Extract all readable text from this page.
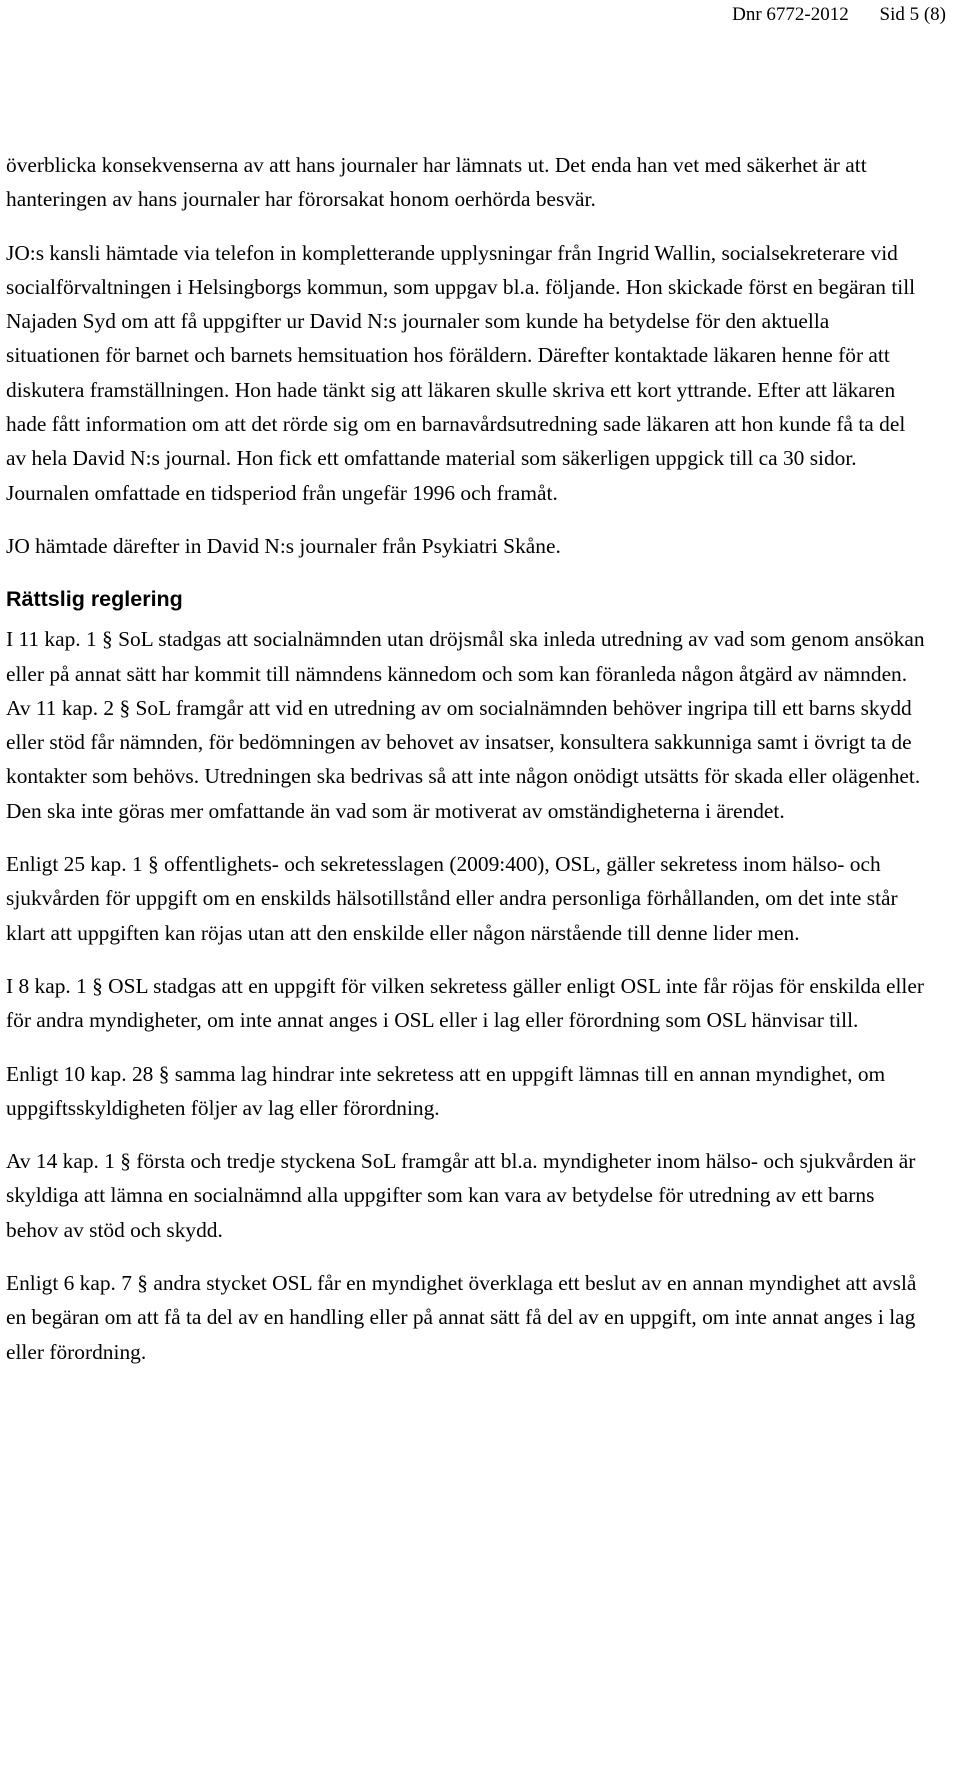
Dnr 6772-2012 Sid 5 (8)

överblicka konsekvenserna av att hans journaler har lämnats ut. Det enda han vet med säkerhet är att hanteringen av hans journaler har förorsakat honom oerhörda besvär.

JO:s kansli hämtade via telefon in kompletterande upplysningar från Ingrid Wallin, socialsekreterare vid socialförvaltningen i Helsingborgs kommun, som uppgav bl.a. följande. Hon skickade först en begäran till Najaden Syd om att få uppgifter ur David N:s journaler som kunde ha betydelse för den aktuella situationen för barnet och barnets hemsituation hos föräldern. Därefter kontaktade läkaren henne för att diskutera framställningen. Hon hade tänkt sig att läkaren skulle skriva ett kort yttrande. Efter att läkaren hade fått information om att det rörde sig om en barnavårdsutredning sade läkaren att hon kunde få ta del av hela David N:s journal. Hon fick ett omfattande material som säkerligen uppgick till ca 30 sidor. Journalen omfattade en tidsperiod från ungefär 1996 och framåt.

JO hämtade därefter in David N:s journaler från Psykiatri Skåne.

Rättslig reglering

I 11 kap. 1 § SoL stadgas att socialnämnden utan dröjsmål ska inleda utredning av vad som genom ansökan eller på annat sätt har kommit till nämndens kännedom och som kan föranleda någon åtgärd av nämnden. Av 11 kap. 2 § SoL framgår att vid en utredning av om socialnämnden behöver ingripa till ett barns skydd eller stöd får nämnden, för bedömningen av behovet av insatser, konsultera sakkunniga samt i övrigt ta de kontakter som behövs. Utredningen ska bedrivas så att inte någon onödigt utsätts för skada eller olägenhet. Den ska inte göras mer omfattande än vad som är motiverat av omständigheterna i ärendet.

Enligt 25 kap. 1 § offentlighets- och sekretesslagen (2009:400), OSL, gäller sekretess inom hälso- och sjukvården för uppgift om en enskilds hälsotillstånd eller andra personliga förhållanden, om det inte står klart att uppgiften kan röjas utan att den enskilde eller någon närstående till denne lider men.

I 8 kap. 1 § OSL stadgas att en uppgift för vilken sekretess gäller enligt OSL inte får röjas för enskilda eller för andra myndigheter, om inte annat anges i OSL eller i lag eller förordning som OSL hänvisar till.

Enligt 10 kap. 28 § samma lag hindrar inte sekretess att en uppgift lämnas till en annan myndighet, om uppgiftsskyldigheten följer av lag eller förordning.

Av 14 kap. 1 § första och tredje styckena SoL framgår att bl.a. myndigheter inom hälso- och sjukvården är skyldiga att lämna en socialnämnd alla uppgifter som kan vara av betydelse för utredning av ett barns behov av stöd och skydd.

Enligt 6 kap. 7 § andra stycket OSL får en myndighet överklaga ett beslut av en annan myndighet att avslå en begäran om att få ta del av en handling eller på annat sätt få del av en uppgift, om inte annat anges i lag eller förordning.
